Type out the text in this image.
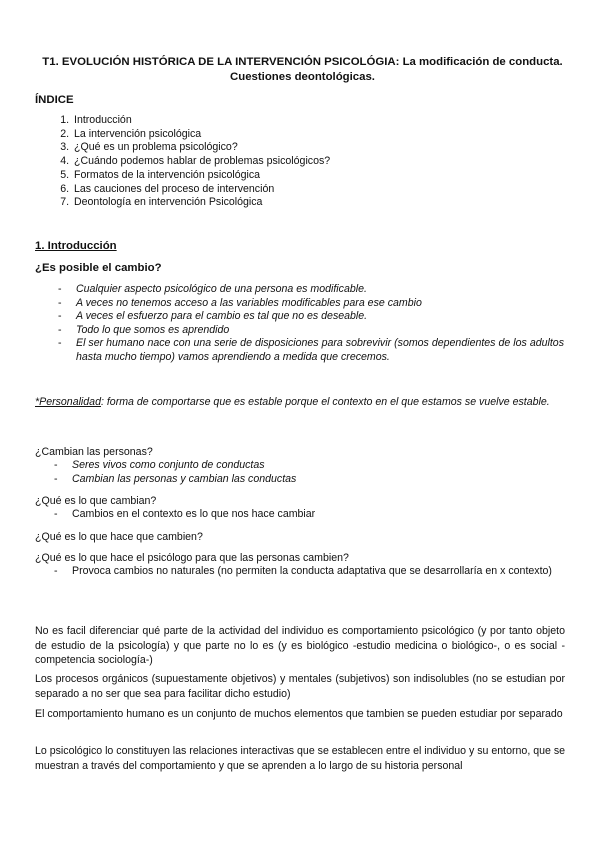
T1. EVOLUCIÓN HISTÓRICA DE LA INTERVENCIÓN PSICOLÓGIA: La modificación de conducta.
Cuestiones deontológicas.
ÍNDICE
1. Introducción
2. La intervención psicológica
3. ¿Qué es un problema psicológico?
4. ¿Cuándo podemos hablar de problemas psicológicos?
5. Formatos de la intervención psicológica
6. Las cauciones del proceso de intervención
7. Deontología en intervención Psicológica
1. Introducción
¿Es posible el cambio?
- Cualquier aspecto psicológico de una persona es modificable.
- A veces no tenemos acceso a las variables modificables para ese cambio
- A veces el esfuerzo para el cambio es tal que no es deseable.
- Todo lo que somos es aprendido
- El ser humano nace con una serie de disposiciones para sobrevivir (somos dependientes de los adultos hasta mucho tiempo) vamos aprendiendo a medida que crecemos.
*Personalidad: forma de comportarse que es estable porque el contexto en el que estamos se vuelve estable.
¿Cambian las personas?
- Seres vivos como conjunto de conductas
- Cambian las personas y cambian las conductas
¿Qué es lo que cambian?
- Cambios en el contexto es lo que nos hace cambiar
¿Qué es lo que hace que cambien?
¿Qué es lo que hace el psicólogo para que las personas cambien?
- Provoca cambios no naturales (no permiten la conducta adaptativa que se desarrollaría en x contexto)
No es facil diferenciar qué parte de la actividad del individuo es comportamiento psicológico (y por tanto objeto de estudio de la psicología) y que parte no lo es (y es biológico -estudio medicina o biológico-, o es social -competencia sociología-)
Los procesos orgánicos (supuestamente objetivos) y mentales (subjetivos) son indisolubles (no se estudian por separado a no ser que sea para facilitar dicho estudio)
El comportamiento humano es un conjunto de muchos elementos que tambien se pueden estudiar por separado
Lo psicológico lo constituyen las relaciones interactivas que se establecen entre el individuo y su entorno, que se muestran a través del comportamiento y que se aprenden a lo largo de su historia personal
